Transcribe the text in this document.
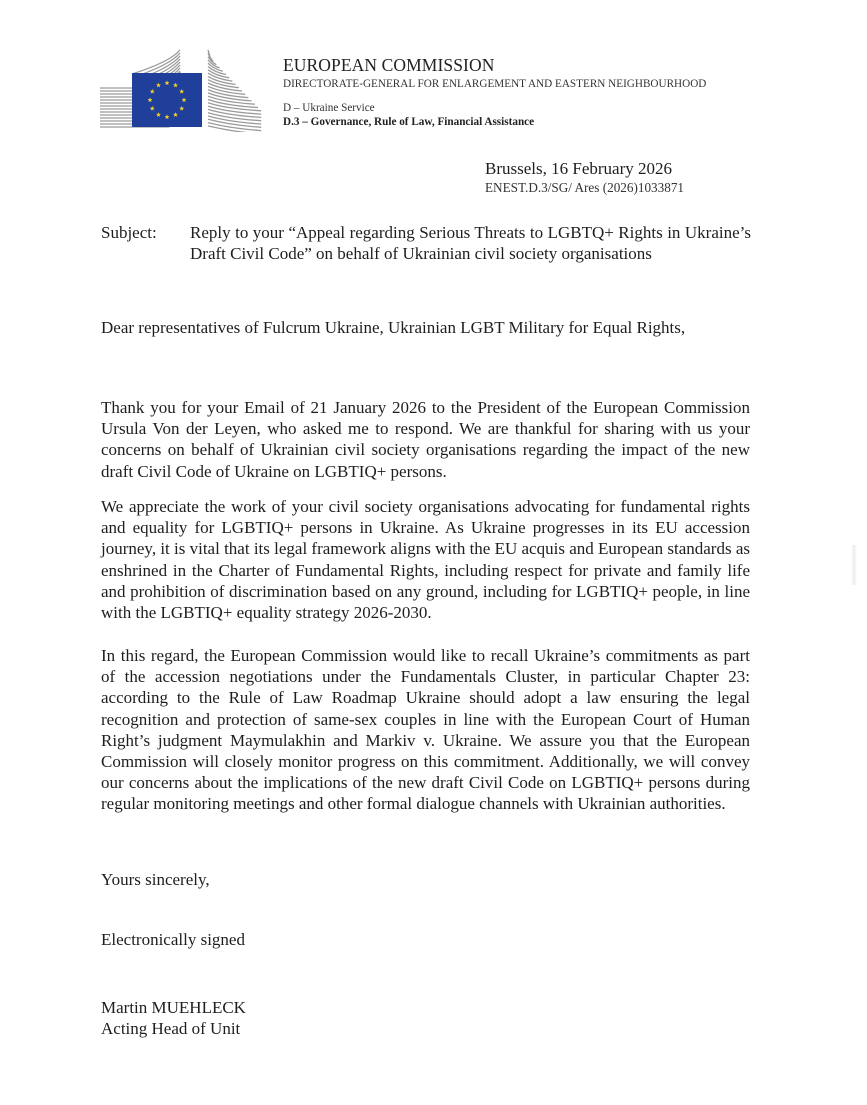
EUROPEAN COMMISSION
DIRECTORATE-GENERAL FOR ENLARGEMENT AND EASTERN NEIGHBOURHOOD
D – Ukraine Service
D.3 – Governance, Rule of Law, Financial Assistance
Brussels, 16 February 2026
ENEST.D.3/SG/ Ares (2026)1033871
Subject: Reply to your “Appeal regarding Serious Threats to LGBTQ+ Rights in Ukraine’s Draft Civil Code” on behalf of Ukrainian civil society organisations
Dear representatives of Fulcrum Ukraine, Ukrainian LGBT Military for Equal Rights,
Thank you for your Email of 21 January 2026 to the President of the European Commission Ursula Von der Leyen, who asked me to respond. We are thankful for sharing with us your concerns on behalf of Ukrainian civil society organisations regarding the impact of the new draft Civil Code of Ukraine on LGBTIQ+ persons.
We appreciate the work of your civil society organisations advocating for fundamental rights and equality for LGBTIQ+ persons in Ukraine. As Ukraine progresses in its EU accession journey, it is vital that its legal framework aligns with the EU acquis and European standards as enshrined in the Charter of Fundamental Rights, including respect for private and family life and prohibition of discrimination based on any ground, including for LGBTIQ+ people, in line with the LGBTIQ+ equality strategy 2026-2030.
In this regard, the European Commission would like to recall Ukraine’s commitments as part of the accession negotiations under the Fundamentals Cluster, in particular Chapter 23: according to the Rule of Law Roadmap Ukraine should adopt a law ensuring the legal recognition and protection of same-sex couples in line with the European Court of Human Right’s judgment Maymulakhin and Markiv v. Ukraine. We assure you that the European Commission will closely monitor progress on this commitment. Additionally, we will convey our concerns about the implications of the new draft Civil Code on LGBTIQ+ persons during regular monitoring meetings and other formal dialogue channels with Ukrainian authorities.
Yours sincerely,
Electronically signed
Martin MUEHLECK
Acting Head of Unit
